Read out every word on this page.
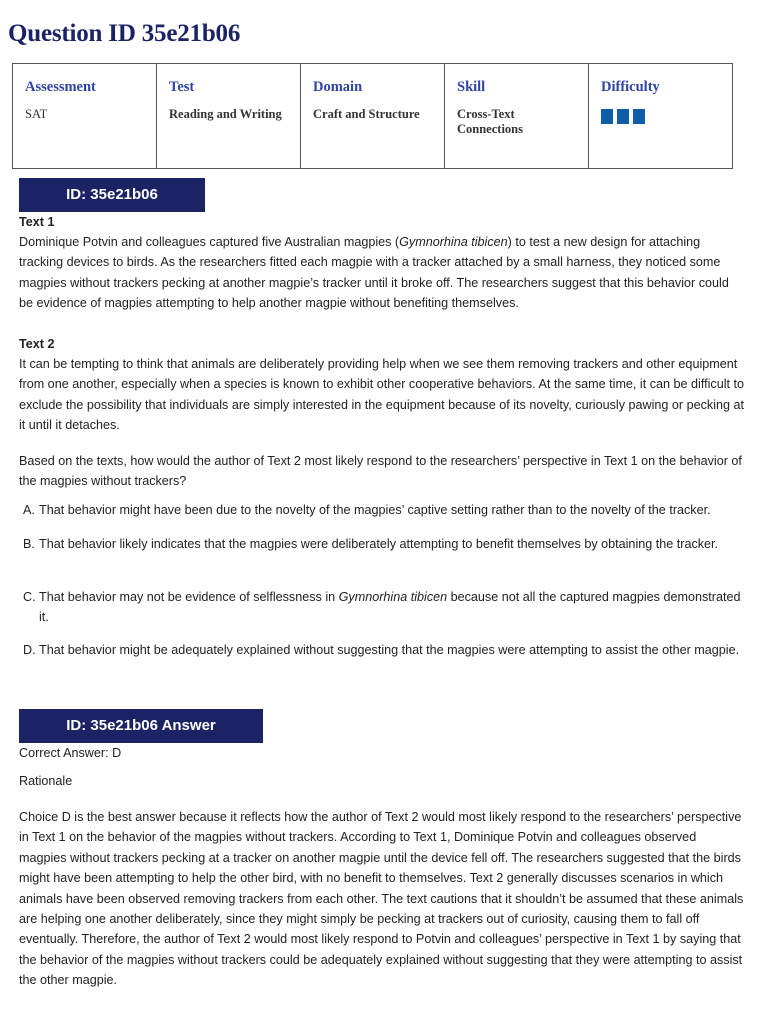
Question ID 35e21b06
Assessment
SAT

Test
Reading and Writing

Domain
Craft and Structure

Skill
Cross-Text Connections

Difficulty
ID: 35e21b06

Text 1

Dominique Potvin and colleagues captured five Australian magpies (Gymnorhina tibicen) to test a new design for attaching tracking devices to birds. As the researchers fitted each magpie with a tracker attached by a small harness, they noticed some magpies without trackers pecking at another magpie’s tracker until it broke off. The researchers suggest that this behavior could be evidence of magpies attempting to help another magpie without benefiting themselves.

Text 2

It can be tempting to think that animals are deliberately providing help when we see them removing trackers and other equipment from one another, especially when a species is known to exhibit other cooperative behaviors. At the same time, it can be difficult to exclude the possibility that individuals are simply interested in the equipment because of its novelty, curiously pawing or pecking at it until it detaches.

Based on the texts, how would the author of Text 2 most likely respond to the researchers’ perspective in Text 1 on the behavior of the magpies without trackers?

A. That behavior might have been due to the novelty of the magpies’ captive setting rather than to the novelty of the tracker.
B. That behavior likely indicates that the magpies were deliberately attempting to benefit themselves by obtaining the tracker.
C. That behavior may not be evidence of selflessness in Gymnorhina tibicen because not all the captured magpies demonstrated it.
D. That behavior might be adequately explained without suggesting that the magpies were attempting to assist the other magpie.
ID: 35e21b06 Answer

Correct Answer: D

Rationale

Choice D is the best answer because it reflects how the author of Text 2 would most likely respond to the researchers’ perspective in Text 1 on the behavior of the magpies without trackers. According to Text 1, Dominique Potvin and colleagues observed magpies without trackers pecking at a tracker on another magpie until the device fell off. The researchers suggested that the birds might have been attempting to help the other bird, with no benefit to themselves. Text 2 generally discusses scenarios in which animals have been observed removing trackers from each other. The text cautions that it shouldn’t be assumed that these animals are helping one another deliberately, since they might simply be pecking at trackers out of curiosity, causing them to fall off eventually. Therefore, the author of Text 2 would most likely respond to Potvin and colleagues’ perspective in Text 1 by saying that the behavior of the magpies without trackers could be adequately explained without suggesting that they were attempting to assist the other magpie.
